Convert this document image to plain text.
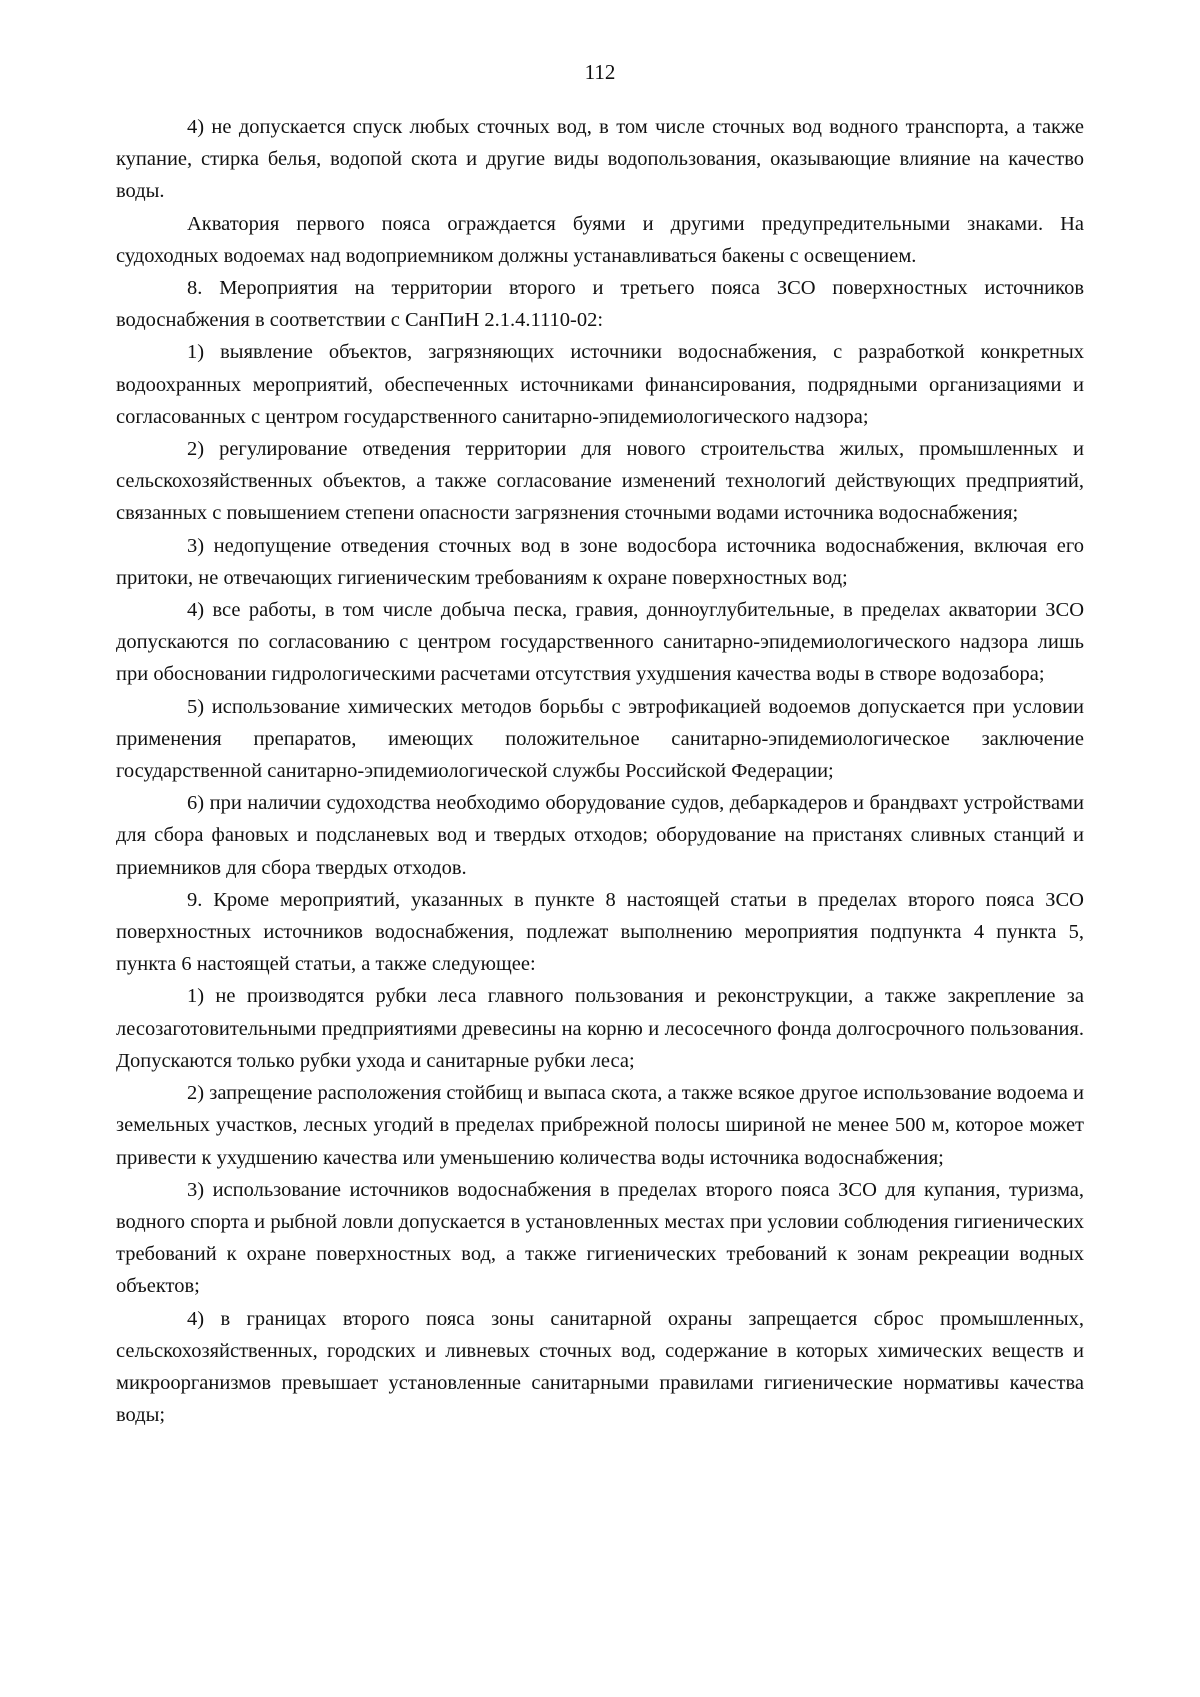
112

4) не допускается спуск любых сточных вод, в том числе сточных вод водного транспорта, а также купание, стирка белья, водопой скота и другие виды водопользования, оказывающие влияние на качество воды.

Акватория первого пояса ограждается буями и другими предупредительными знаками. На судоходных водоемах над водоприемником должны устанавливаться бакены с освещением.

8. Мероприятия на территории второго и третьего пояса ЗСО поверхностных источников водоснабжения в соответствии с СанПиН 2.1.4.1110-02:

1) выявление объектов, загрязняющих источники водоснабжения, с разработкой конкретных водоохранных мероприятий, обеспеченных источниками финансирования, подрядными организациями и согласованных с центром государственного санитарно-эпидемиологического надзора;

2) регулирование отведения территории для нового строительства жилых, промышленных и сельскохозяйственных объектов, а также согласование изменений технологий действующих предприятий, связанных с повышением степени опасности загрязнения сточными водами источника водоснабжения;

3) недопущение отведения сточных вод в зоне водосбора источника водоснабжения, включая его притоки, не отвечающих гигиеническим требованиям к охране поверхностных вод;

4) все работы, в том числе добыча песка, гравия, донноуглубительные, в пределах акватории ЗСО допускаются по согласованию с центром государственного санитарно-эпидемиологического надзора лишь при обосновании гидрологическими расчетами отсутствия ухудшения качества воды в створе водозабора;

5) использование химических методов борьбы с эвтрофикацией водоемов допускается при условии применения препаратов, имеющих положительное санитарно-эпидемиологическое заключение государственной санитарно-эпидемиологической службы Российской Федерации;

6) при наличии судоходства необходимо оборудование судов, дебаркадеров и брандвахт устройствами для сбора фановых и подсланевых вод и твердых отходов; оборудование на пристанях сливных станций и приемников для сбора твердых отходов.

9. Кроме мероприятий, указанных в пункте 8 настоящей статьи в пределах второго пояса ЗСО поверхностных источников водоснабжения, подлежат выполнению мероприятия подпункта 4 пункта 5, пункта 6 настоящей статьи, а также следующее:

1) не производятся рубки леса главного пользования и реконструкции, а также закрепление за лесозаготовительными предприятиями древесины на корню и лесосечного фонда долгосрочного пользования. Допускаются только рубки ухода и санитарные рубки леса;

2) запрещение расположения стойбищ и выпаса скота, а также всякое другое использование водоема и земельных участков, лесных угодий в пределах прибрежной полосы шириной не менее 500 м, которое может привести к ухудшению качества или уменьшению количества воды источника водоснабжения;

3) использование источников водоснабжения в пределах второго пояса ЗСО для купания, туризма, водного спорта и рыбной ловли допускается в установленных местах при условии соблюдения гигиенических требований к охране поверхностных вод, а также гигиенических требований к зонам рекреации водных объектов;

4) в границах второго пояса зоны санитарной охраны запрещается сброс промышленных, сельскохозяйственных, городских и ливневых сточных вод, содержание в которых химических веществ и микроорганизмов превышает установленные санитарными правилами гигиенические нормативы качества воды;
